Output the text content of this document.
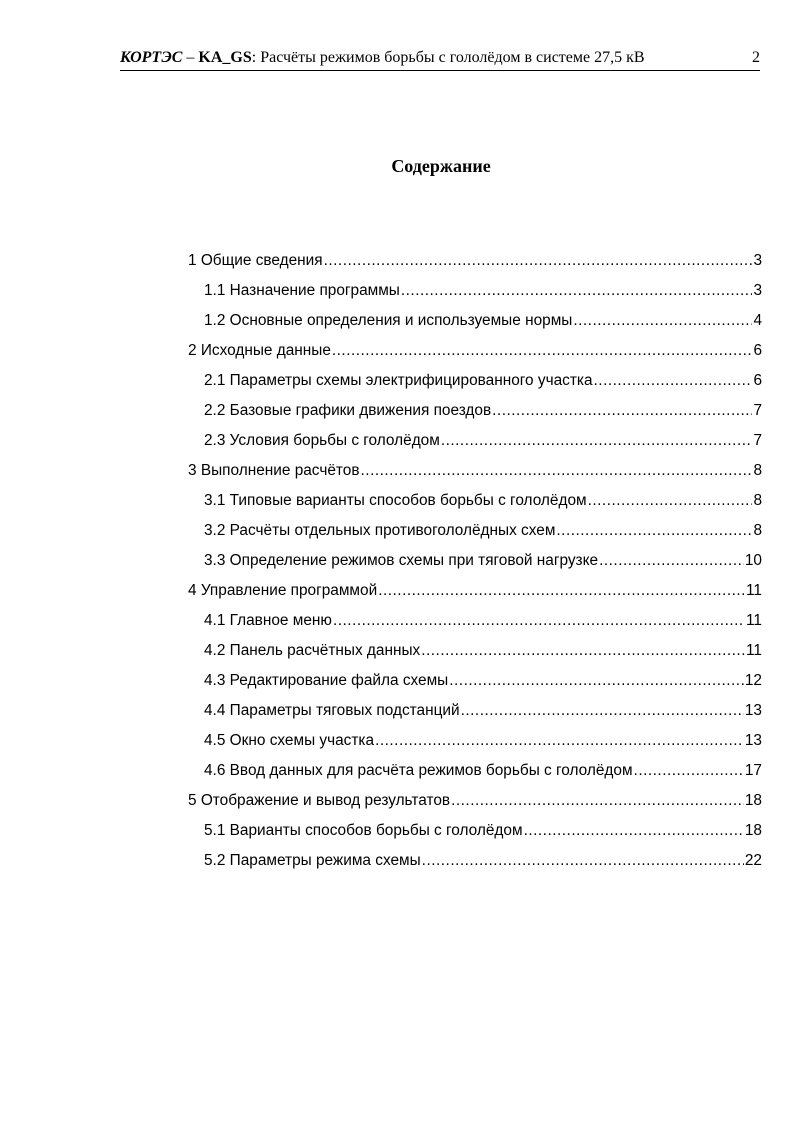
КОРТЭС – KA_GS: Расчёты режимов борьбы с гололёдом в системе 27,5 кВ	2
Содержание
1 Общие сведения .....	3
1.1 Назначение программы .....	3
1.2 Основные определения и используемые нормы .....	4
2 Исходные данные .....	6
2.1 Параметры схемы электрифицированного участка .....	6
2.2 Базовые графики движения поездов .....	7
2.3 Условия борьбы с гололёдом .....	7
3 Выполнение расчётов .....	8
3.1 Типовые варианты способов борьбы с гололёдом .....	8
3.2 Расчёты отдельных противогололёдных схем .....	8
3.3 Определение режимов схемы при тяговой нагрузке .....	10
4 Управление программой .....	11
4.1 Главное меню .....	11
4.2 Панель расчётных данных .....	11
4.3 Редактирование файла схемы .....	12
4.4 Параметры тяговых подстанций .....	13
4.5 Окно схемы участка .....	13
4.6 Ввод данных для расчёта режимов борьбы с гололёдом .....	17
5 Отображение и вывод результатов .....	18
5.1 Варианты способов борьбы с гололёдом .....	18
5.2 Параметры режима схемы .....	22
